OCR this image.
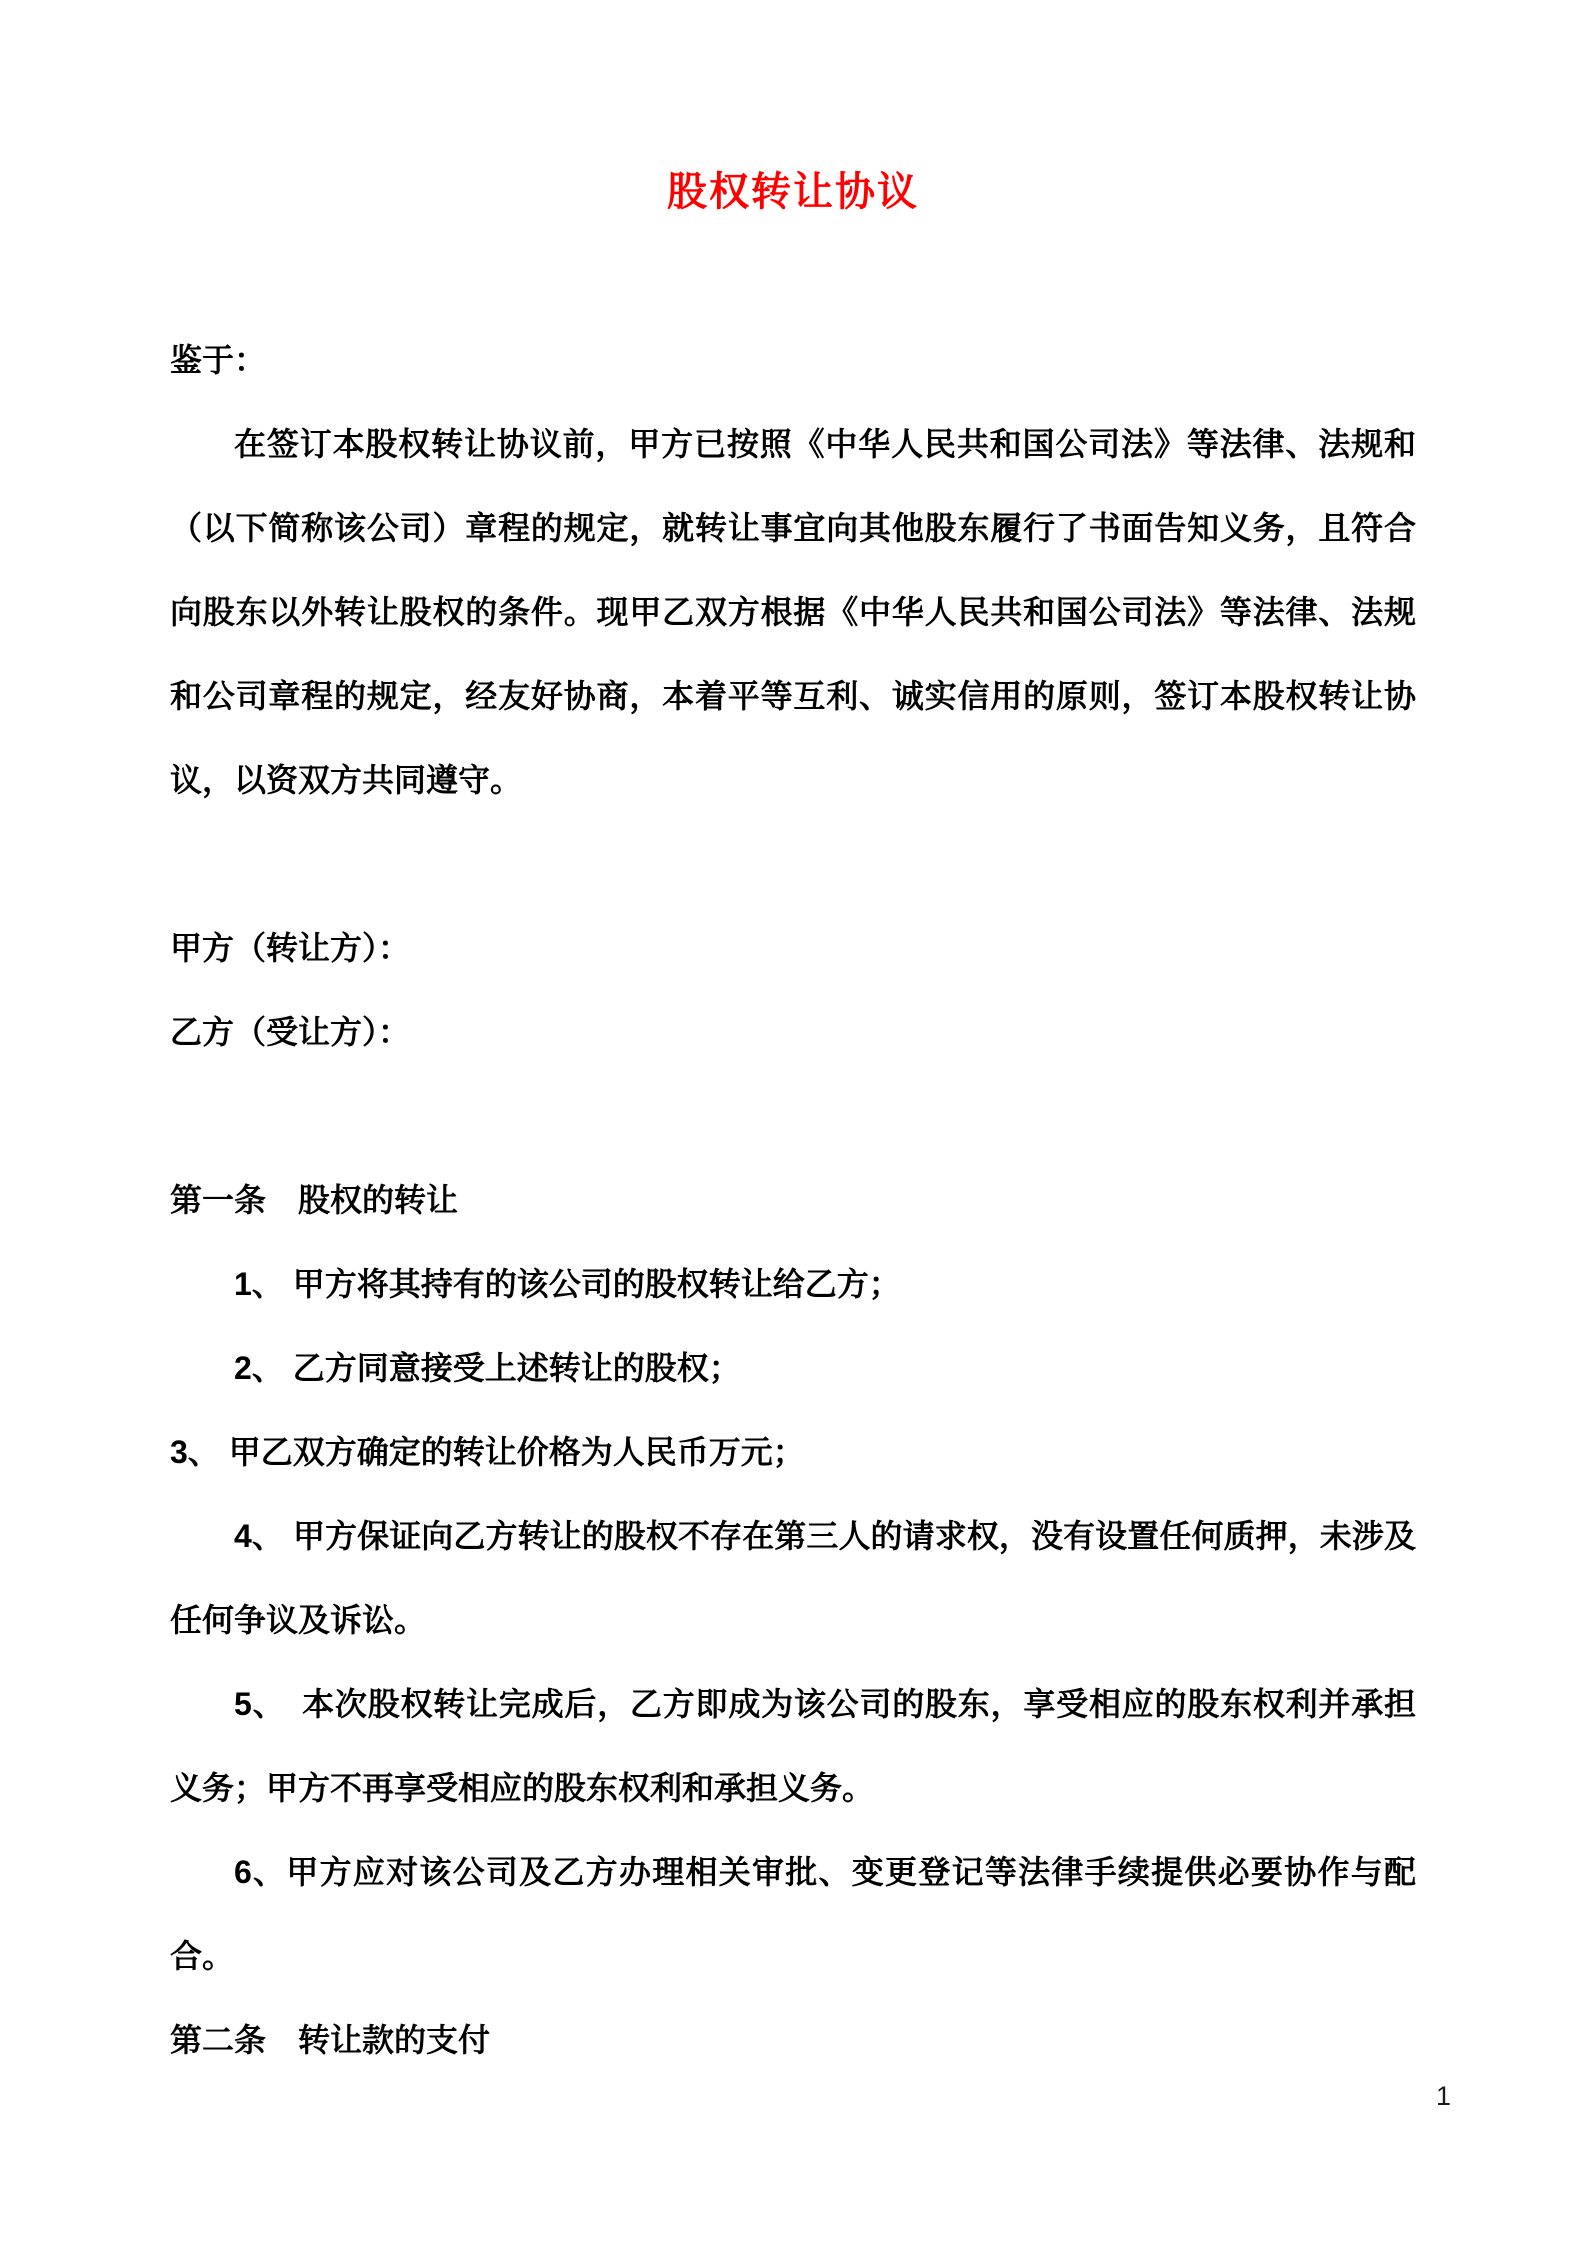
股权转让协议

鉴于：

在签订本股权转让协议前，甲方已按照《中华人民共和国公司法》等法律、法规和（以下简称该公司）章程的规定，就转让事宜向其他股东履行了书面告知义务，且符合向股东以外转让股权的条件。现甲乙双方根据《中华人民共和国公司法》等法律、法规和公司章程的规定，经友好协商，本着平等互利、诚实信用的原则，签订本股权转让协议，以资双方共同遵守。

甲方（转让方）：

乙方（受让方）：

第一条　股权的转让

1、 甲方将其持有的该公司的股权转让给乙方；

2、 乙方同意接受上述转让的股权；

3、 甲乙双方确定的转让价格为人民币万元；

4、 甲方保证向乙方转让的股权不存在第三人的请求权，没有设置任何质押，未涉及任何争议及诉讼。

5、　本次股权转让完成后，乙方即成为该公司的股东，享受相应的股东权利并承担义务；甲方不再享受相应的股东权利和承担义务。

6、甲方应对该公司及乙方办理相关审批、变更登记等法律手续提供必要协作与配合。

第二条　转让款的支付

1
